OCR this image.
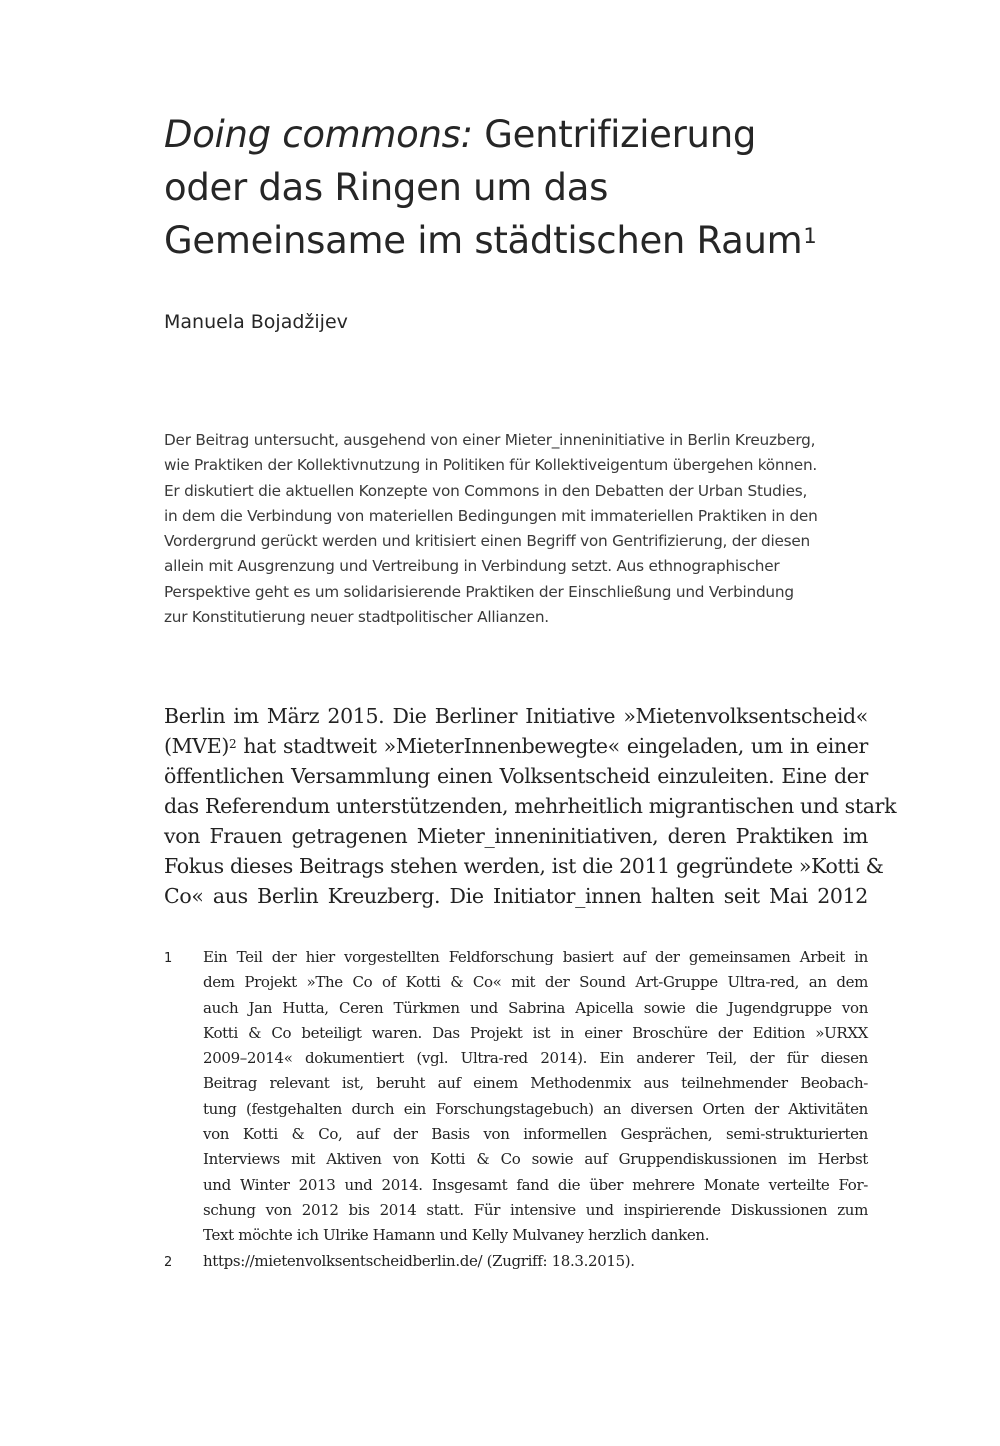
Doing commons: Gentrifizierung
oder das Ringen um das
Gemeinsame im städtischen Raum$^1$

Manuela Bojadžijev

Der Beitrag untersucht, ausgehend von einer Mieter_inneninitiative in Berlin Kreuzberg,
wie Praktiken der Kollektivnutzung in Politiken für Kollektiveigentum übergehen können.
Er diskutiert die aktuellen Konzepte von Commons in den Debatten der Urban Studies,
in dem die Verbindung von materiellen Bedingungen mit immateriellen Praktiken in den
Vordergrund gerückt werden und kritisiert einen Begriff von Gentrifizierung, der diesen
allein mit Ausgrenzung und Vertreibung in Verbindung setzt. Aus ethnographischer
Perspektive geht es um solidarisierende Praktiken der Einschließung und Verbindung
zur Konstitutierung neuer stadtpolitischer Allianzen.

Berlin im März 2015. Die Berliner Initiative »Mietenvolksentscheid«
(MVE)$^2$ hat stadtweit »MieterInnenbewegte« eingeladen, um in einer
öffentlichen Versammlung einen Volksentscheid einzuleiten. Eine der
das Referendum unterstützenden, mehrheitlich migrantischen und stark
von Frauen getragenen Mieter_inneninitiativen, deren Praktiken im
Fokus dieses Beitrags stehen werden, ist die 2011 gegründete »Kotti &
Co« aus Berlin Kreuzberg. Die Initiator_innen halten seit Mai 2012

1 Ein Teil der hier vorgestellten Feldforschung basiert auf der gemeinsamen Arbeit in
dem Projekt »The Co of Kotti & Co« mit der Sound Art-Gruppe Ultra-red, an dem
auch Jan Hutta, Ceren Türkmen und Sabrina Apicella sowie die Jugendgruppe von
Kotti & Co beteiligt waren. Das Projekt ist in einer Broschüre der Edition »URXX
2009–2014« dokumentiert (vgl. Ultra-red 2014). Ein anderer Teil, der für diesen
Beitrag relevant ist, beruht auf einem Methodenmix aus teilnehmender Beobach-
tung (festgehalten durch ein Forschungstagebuch) an diversen Orten der Aktivitäten
von Kotti & Co, auf der Basis von informellen Gesprächen, semi-strukturierten
Interviews mit Aktiven von Kotti & Co sowie auf Gruppendiskussionen im Herbst
und Winter 2013 und 2014. Insgesamt fand die über mehrere Monate verteilte For-
schung von 2012 bis 2014 statt. Für intensive und inspirierende Diskussionen zum
Text möchte ich Ulrike Hamann und Kelly Mulvaney herzlich danken.
2 https://mietenvolksentscheidberlin.de/ (Zugriff: 18.3.2015).
